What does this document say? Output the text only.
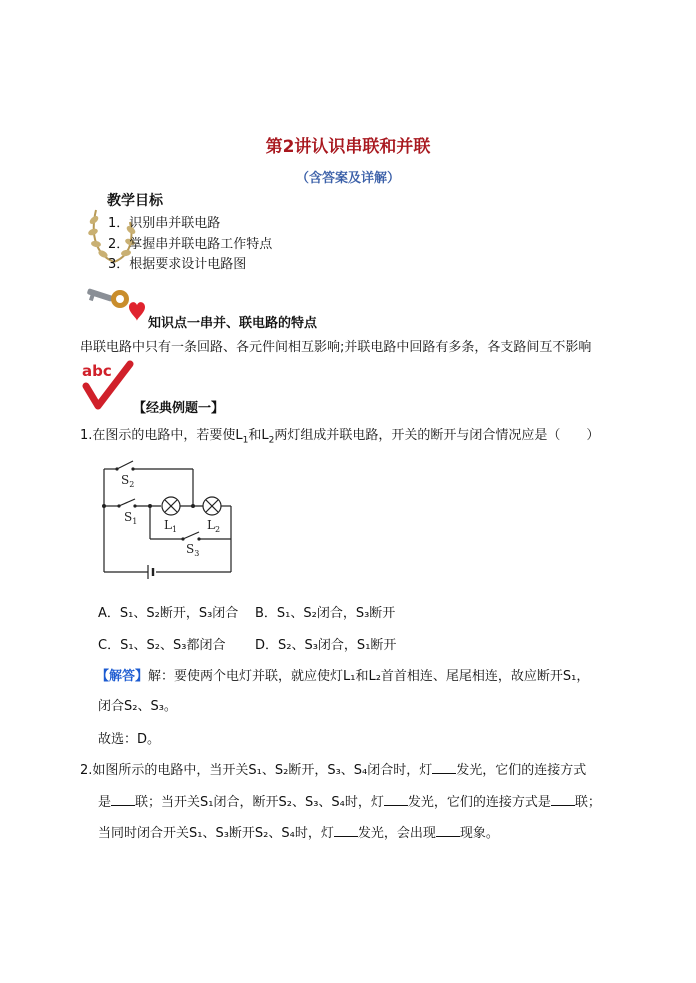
第2讲认识串联和并联
（含答案及详解）
教学目标
1．识别串并联电路
2．掌握串并联电路工作特点
3．根据要求设计电路图
知识点一串并、联电路的特点
串联电路中只有一条回路、各元件间相互影响;并联电路中回路有多条，各支路间互不影响
abc
【经典例题一】
1.在图示的电路中，若要使$L_1$和$L_2$两灯组成并联电路，开关的断开与闭合情况应是（　　）
$S_2$
$S_1$ $L_1$ $L_2$
$S_3$
A．S₁、S₂断开，S₃闭合 B．S₁、S₂闭合，S₃断开
C．S₁、S₂、S₃都闭合 D．S₂、S₃闭合，S₁断开
【解答】解：要使两个电灯并联，就应使灯L₁和L₂首首相连、尾尾相连，故应断开S₁，
闭合S₂、S₃。
故选：D。
2.如图所示的电路中，当开关S₁、S₂断开，S₃、S₄闭合时，灯 发光，它们的连接方式
是 联；当开关S₁闭合，断开S₂、S₃、S₄时，灯 发光，它们的连接方式是 联；
当同时闭合开关S₁、S₃断开S₂、S₄时，灯 发光，会出现 现象。
